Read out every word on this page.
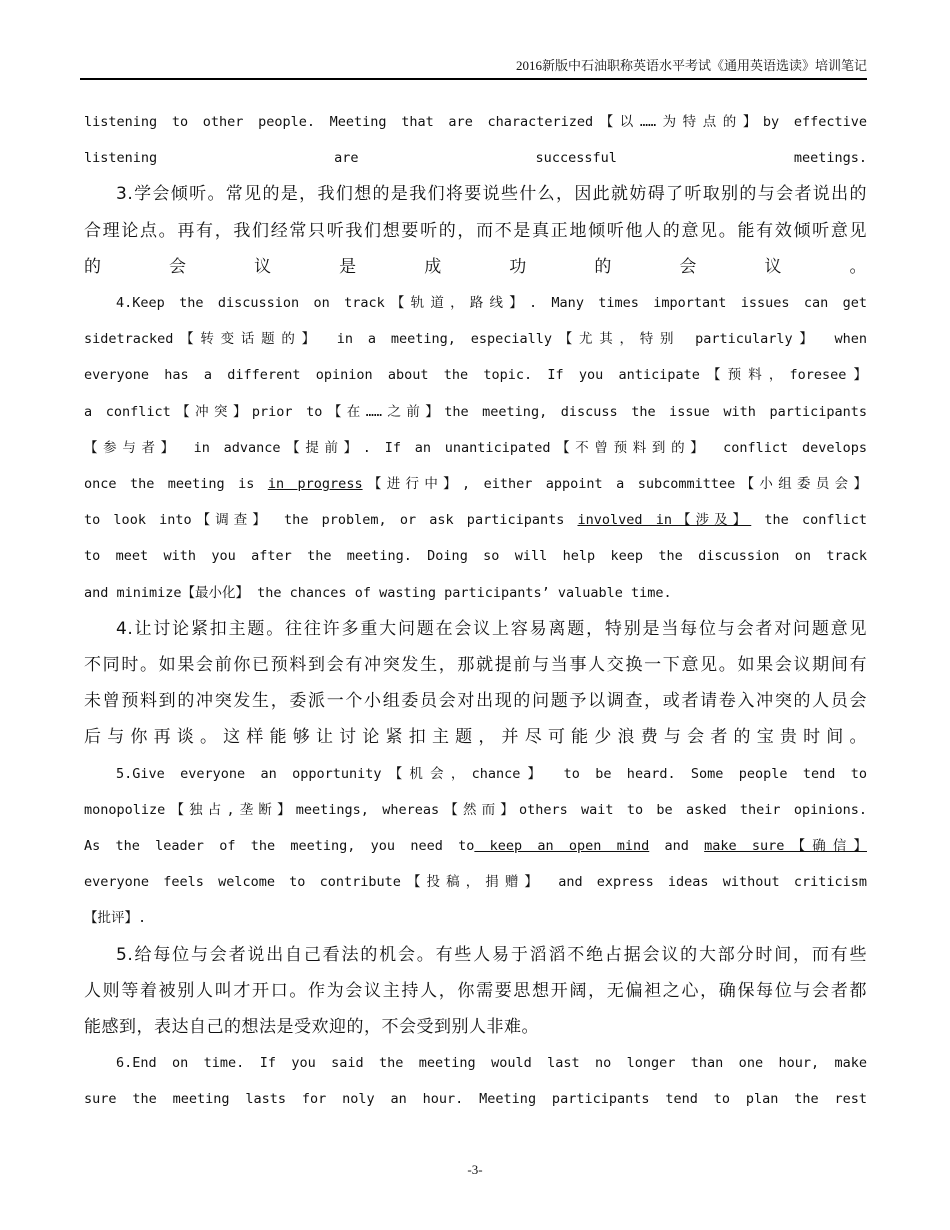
2016新版中石油职称英语水平考试《通用英语选读》培训笔记

listening to other people. Meeting that are characterized【以……为特点的】by effective
listening are successful meetings.

3.学会倾听。常见的是，我们想的是我们将要说些什么，因此就妨碍了听取别的与会者说出的
合理论点。再有，我们经常只听我们想要听的，而不是真正地倾听他人的意见。能有效倾听意见
的会议是成功的会议。

4.Keep the discussion on track【轨道，路线】. Many times important issues can get
sidetracked【转变话题的】 in a meeting, especially【尤其，特别 particularly】 when
everyone has a different opinion about the topic. If you anticipate【预料，foresee】
a conflict【冲突】prior to【在……之前】the meeting, discuss the issue with participants
【参与者】 in advance【提前】. If an unanticipated【不曾预料到的】 conflict develops
once the meeting is in progress【进行中】, either appoint a subcommittee【小组委员会】
to look into【调查】 the problem, or ask participants involved in【涉及】 the conflict
to meet with you after the meeting. Doing so will help keep the discussion on track
and minimize【最小化】 the chances of wasting participants’ valuable time.

4.让讨论紧扣主题。往往许多重大问题在会议上容易离题，特别是当每位与会者对问题意见
不同时。如果会前你已预料到会有冲突发生，那就提前与当事人交换一下意见。如果会议期间有
未曾预料到的冲突发生，委派一个小组委员会对出现的问题予以调查，或者请卷入冲突的人员会
后与你再谈。这样能够让讨论紧扣主题，并尽可能少浪费与会者的宝贵时间。

5.Give everyone an opportunity【机会，chance】 to be heard. Some people tend to
monopolize【独占,垄断】meetings, whereas【然而】others wait to be asked their opinions.
As the leader of the meeting, you need to keep an open mind and make sure【确信】
everyone feels welcome to contribute【投稿，捐赠】 and express ideas without criticism
【批评】.

5.给每位与会者说出自己看法的机会。有些人易于滔滔不绝占据会议的大部分时间，而有些
人则等着被别人叫才开口。作为会议主持人，你需要思想开阔，无偏袒之心，确保每位与会者都
能感到，表达自己的想法是受欢迎的，不会受到别人非难。

6.End on time. If you said the meeting would last no longer than one hour, make
sure the meeting lasts for noly an hour. Meeting participants tend to plan the rest

-3-
